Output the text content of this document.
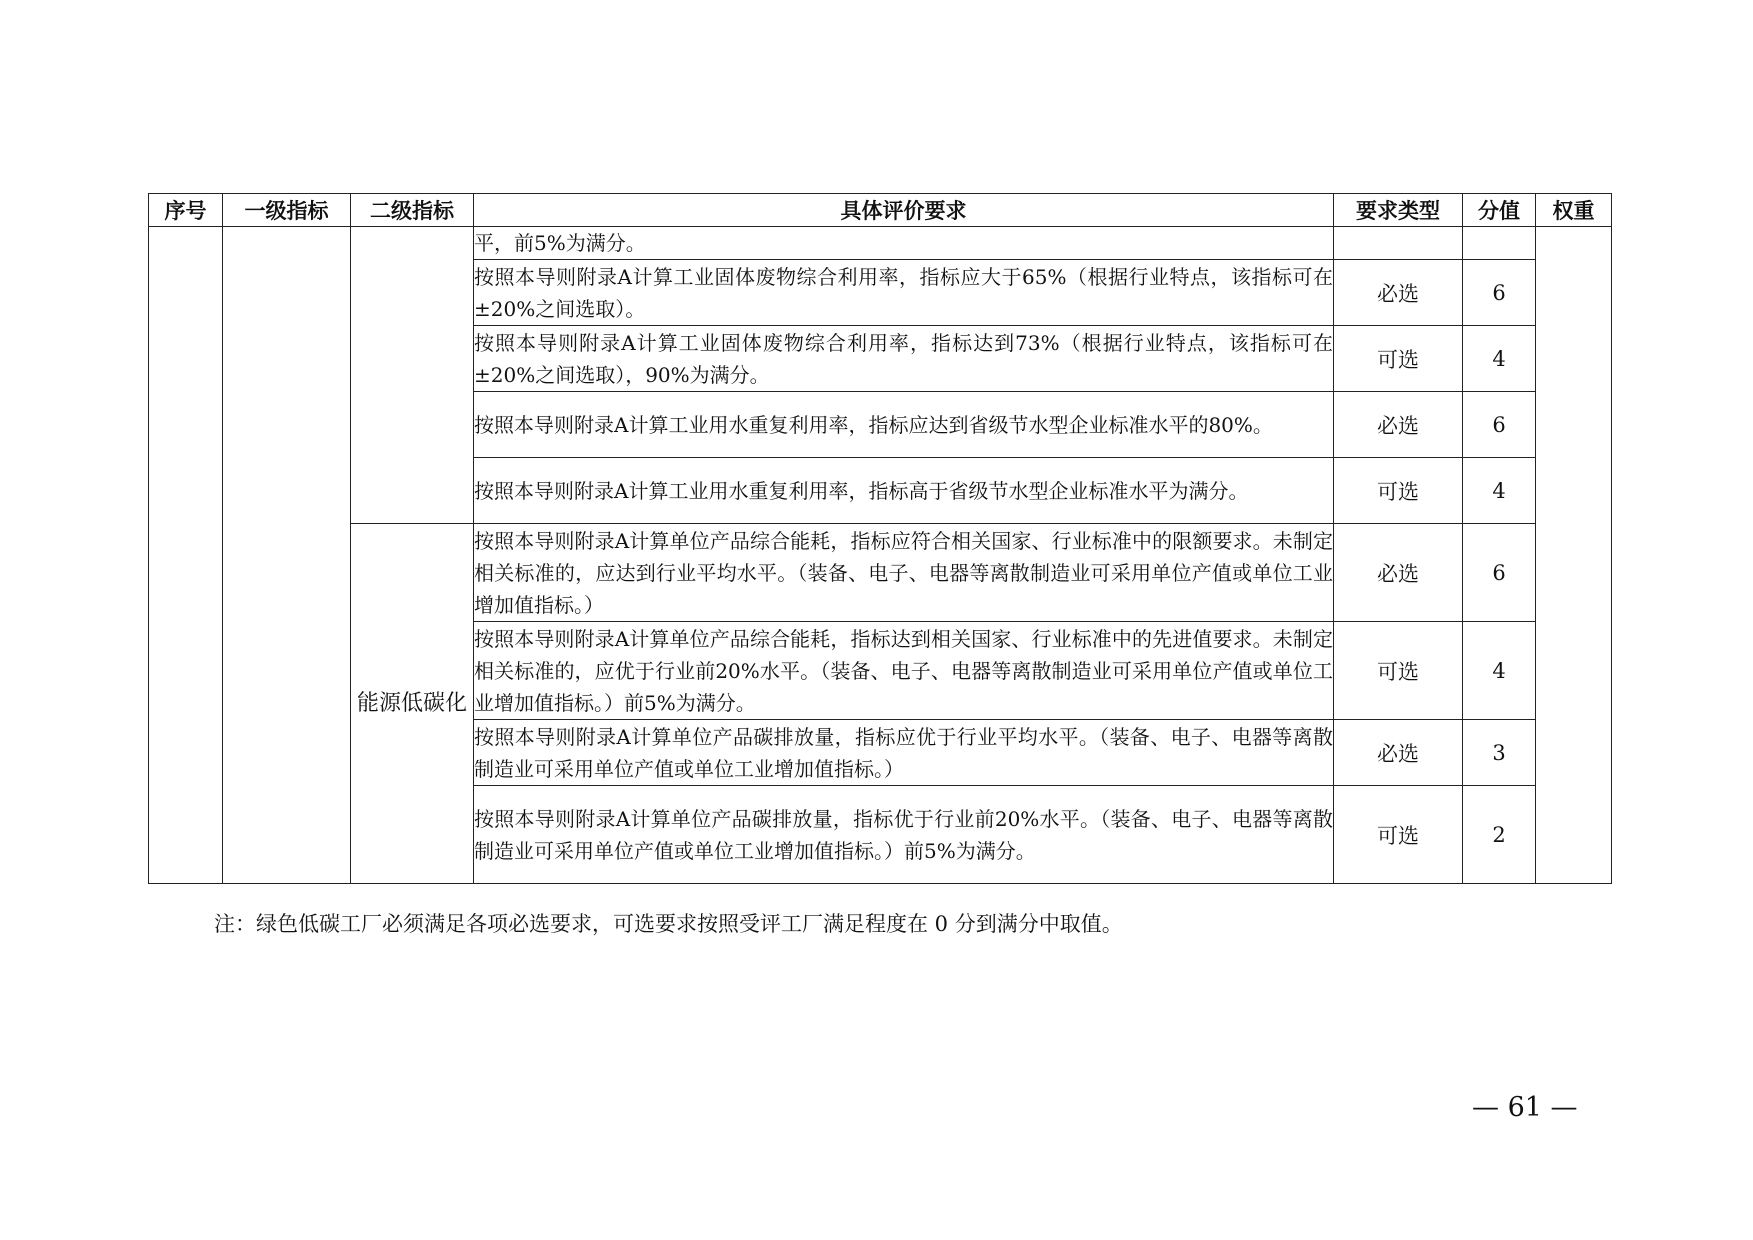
序号	一级指标	二级指标	具体评价要求	要求类型	分值	权重
			平，前5%为满分。			
			按照本导则附录A计算工业固体废物综合利用率，指标应大于65%（根据行业特点，该指标可在±20%之间选取）。	必选	6	
			按照本导则附录A计算工业固体废物综合利用率，指标达到73%（根据行业特点，该指标可在±20%之间选取），90%为满分。	可选	4	
			按照本导则附录A计算工业用水重复利用率，指标应达到省级节水型企业标准水平的80%。	必选	6	
			按照本导则附录A计算工业用水重复利用率，指标高于省级节水型企业标准水平为满分。	可选	4	
		能源低碳化	按照本导则附录A计算单位产品综合能耗，指标应符合相关国家、行业标准中的限额要求。未制定相关标准的，应达到行业平均水平。（装备、电子、电器等离散制造业可采用单位产值或单位工业增加值指标。）	必选	6	
			按照本导则附录A计算单位产品综合能耗，指标达到相关国家、行业标准中的先进值要求。未制定相关标准的，应优于行业前20%水平。（装备、电子、电器等离散制造业可采用单位产值或单位工业增加值指标。）前5%为满分。	可选	4	
			按照本导则附录A计算单位产品碳排放量，指标应优于行业平均水平。（装备、电子、电器等离散制造业可采用单位产值或单位工业增加值指标。）	必选	3	
			按照本导则附录A计算单位产品碳排放量，指标优于行业前20%水平。（装备、电子、电器等离散制造业可采用单位产值或单位工业增加值指标。）前5%为满分。	可选	2	
注：绿色低碳工厂必须满足各项必选要求，可选要求按照受评工厂满足程度在 0 分到满分中取值。
— 61 —
